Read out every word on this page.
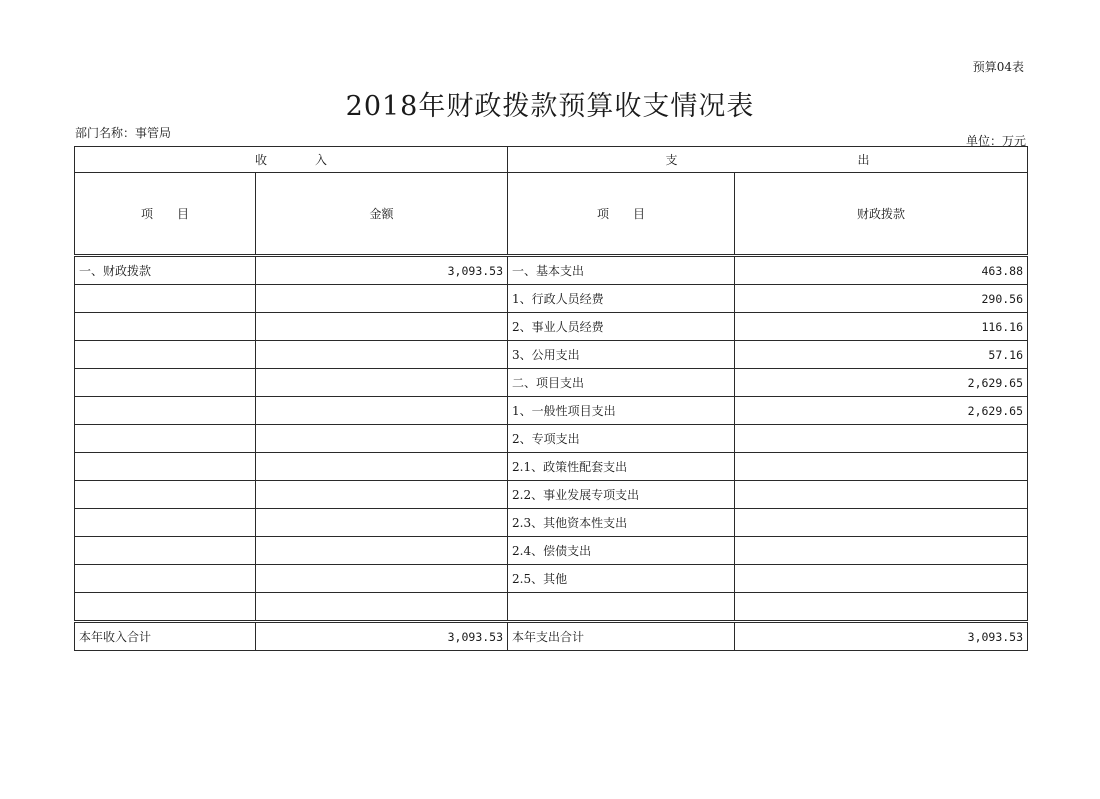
预算04表
2018年财政拨款预算收支情况表
部门名称：事管局
单位：万元
收　　　　入		支　　　　　　　　　　　　　　　出	
项　　目	金额	项　　目	财政拨款
一、财政拨款	3,093.53	一、基本支出	463.88
		1、行政人员经费	290.56
		2、事业人员经费	116.16
		3、公用支出	57.16
		二、项目支出	2,629.65
		1、一般性项目支出	2,629.65
		2、专项支出	
		2.1、政策性配套支出	
		2.2、事业发展专项支出	
		2.3、其他资本性支出	
		2.4、偿债支出	
		2.5、其他	

本年收入合计	3,093.53	本年支出合计	3,093.53
